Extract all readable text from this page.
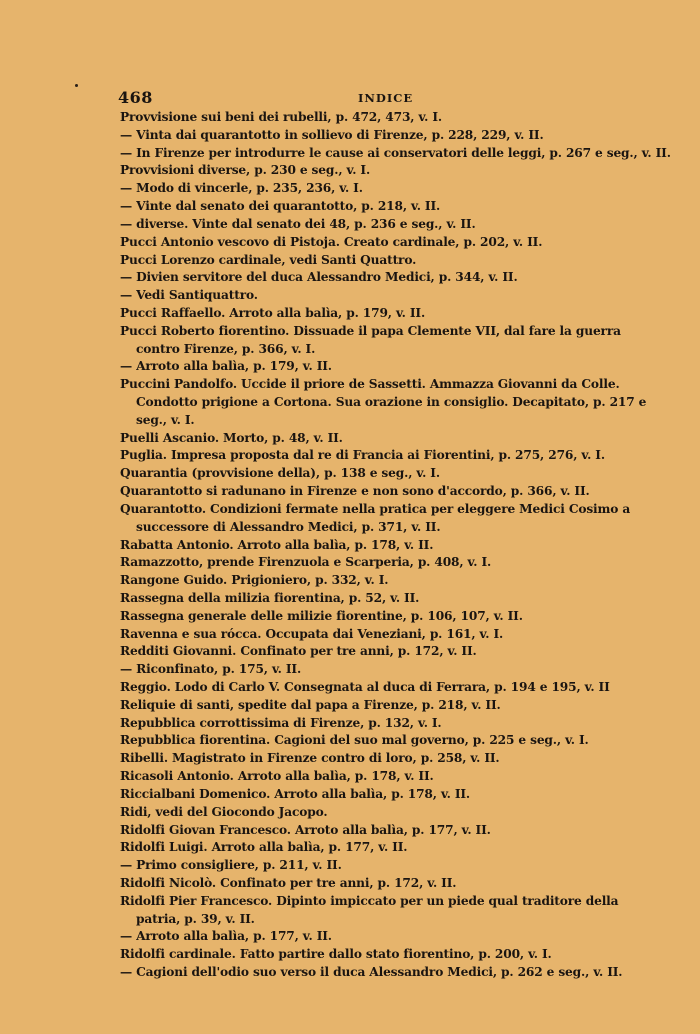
468	INDICE
Provvisione sui beni dei rubelli, p. 472, 473, v. I.
— Vinta dai quarantotto in sollievo di Firenze, p. 228, 229, v. II.
— In Firenze per introdurre le cause ai conservatori delle leggi, p. 267 e seg., v. II.
Provvisioni diverse, p. 230 e seg., v. I.
— Modo di vincerle, p. 235, 236, v. I.
— Vinte dal senato dei quarantotto, p. 218, v. II.
— diverse. Vinte dal senato dei 48, p. 236 e seg., v. II.
Pucci Antonio vescovo di Pistoja. Creato cardinale, p. 202, v. II.
Pucci Lorenzo cardinale, vedi Santi Quattro.
— Divien servitore del duca Alessandro Medici, p. 344, v. II.
— Vedi Santiquattro.
Pucci Raffaello. Arroto alla balìa, p. 179, v. II.
Pucci Roberto fiorentino. Dissuade il papa Clemente VII, dal fare la guerra contro Firenze, p. 366, v. I.
— Arroto alla balìa, p. 179, v. II.
Puccini Pandolfo. Uccide il priore de Sassetti. Ammazza Giovanni da Colle. Condotto prigione a Cortona. Sua orazione in consiglio. Decapitato, p. 217 e seg., v. I.
Puelli Ascanio. Morto, p. 48, v. II.
Puglia. Impresa proposta dal re di Francia ai Fiorentini, p. 275, 276, v. I.
Quarantia (provvisione della), p. 138 e seg., v. I.
Quarantotto si radunano in Firenze e non sono d'accordo, p. 366, v. II.
Quarantotto. Condizioni fermate nella pratica per eleggere Medici Cosimo a successore di Alessandro Medici, p. 371, v. II.
Rabatta Antonio. Arroto alla balìa, p. 178, v. II.
Ramazzotto, prende Firenzuola e Scarperia, p. 408, v. I.
Rangone Guido. Prigioniero, p. 332, v. I.
Rassegna della milizia fiorentina, p. 52, v. II.
Rassegna generale delle milizie fiorentine, p. 106, 107, v. II.
Ravenna e sua rócca. Occupata dai Veneziani, p. 161, v. I.
Redditi Giovanni. Confinato per tre anni, p. 172, v. II.
— Riconfinato, p. 175, v. II.
Reggio. Lodo di Carlo V. Consegnata al duca di Ferrara, p. 194 e 195, v. II
Reliquie di santi, spedite dal papa a Firenze, p. 218, v. II.
Repubblica corrottissima di Firenze, p. 132, v. I.
Repubblica fiorentina. Cagioni del suo mal governo, p. 225 e seg., v. I.
Ribelli. Magistrato in Firenze contro di loro, p. 258, v. II.
Ricasoli Antonio. Arroto alla balìa, p. 178, v. II.
Riccialbani Domenico. Arroto alla balìa, p. 178, v. II.
Ridi, vedi del Giocondo Jacopo.
Ridolfi Giovan Francesco. Arroto alla balìa, p. 177, v. II.
Ridolfi Luigi. Arroto alla balìa, p. 177, v. II.
— Primo consigliere, p. 211, v. II.
Ridolfi Nicolò. Confinato per tre anni, p. 172, v. II.
Ridolfi Pier Francesco. Dipinto impiccato per un piede qual traditore della patria, p. 39, v. II.
— Arroto alla balìa, p. 177, v. II.
Ridolfi cardinale. Fatto partire dallo stato fiorentino, p. 200, v. I.
— Cagioni dell'odio suo verso il duca Alessandro Medici, p. 262 e seg., v. II.
